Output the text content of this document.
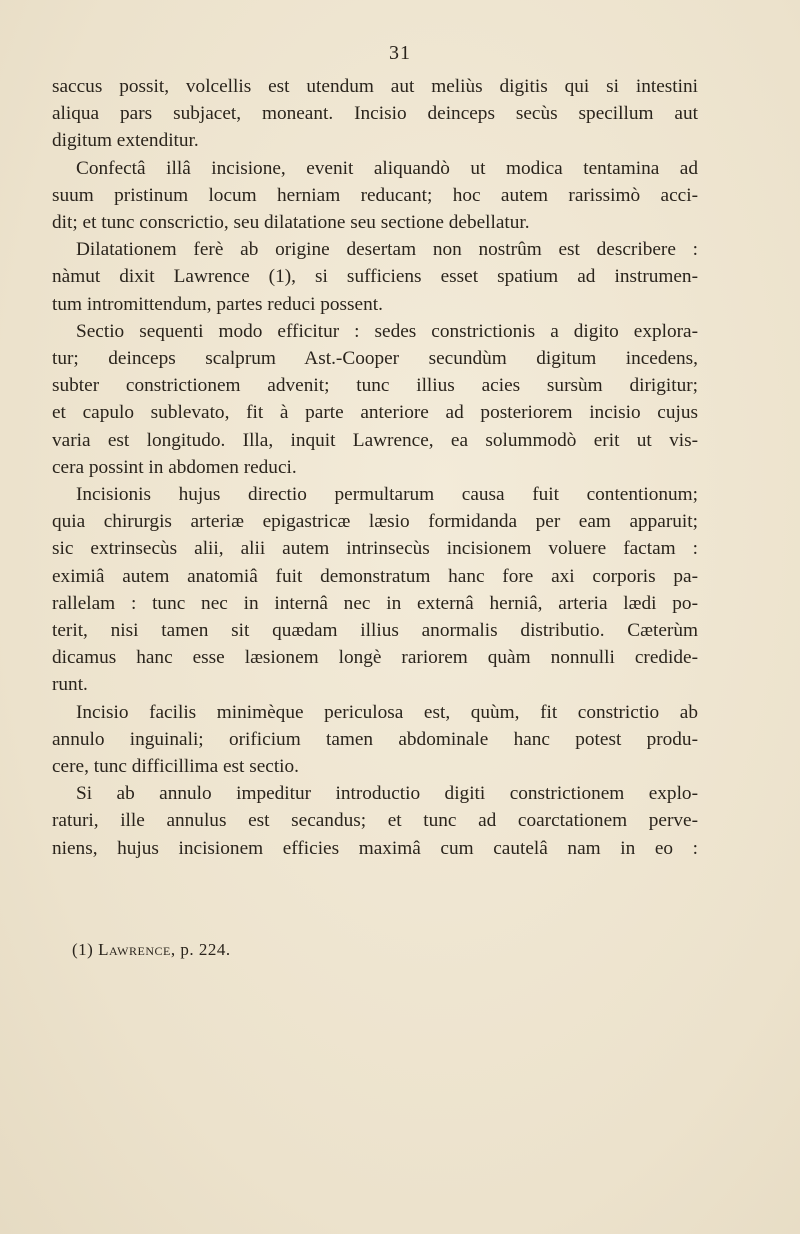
31

saccus possit, volcellis est utendum aut meliùs digitis qui si intestini
aliqua pars subjacet, moneant. Incisio deinceps secùs specillum aut
digitum extenditur.

Confectâ illâ incisione, evenit aliquandò ut modica tentamina ad
suum pristinum locum herniam reducant; hoc autem rarissimò acci-
dit; et tunc conscrictio, seu dilatatione seu sectione debellatur.

Dilatationem ferè ab origine desertam non nostrûm est describere :
nàmut dixit Lawrence (1), si sufficiens esset spatium ad instrumen-
tum intromittendum, partes reduci possent.

Sectio sequenti modo efficitur : sedes constrictionis a digito explora-
tur; deinceps scalprum Ast.-Cooper secundùm digitum incedens,
subter constrictionem advenit; tunc illius acies sursùm dirigitur;
et capulo sublevato, fit à parte anteriore ad posteriorem incisio cujus
varia est longitudo. Illa, inquit Lawrence, ea solummodò erit ut vis-
cera possint in abdomen reduci.

Incisionis hujus directio permultarum causa fuit contentionum;
quia chirurgis arteriæ epigastricæ læsio formidanda per eam apparuit;
sic extrinsecùs alii, alii autem intrinsecùs incisionem voluere factam :
eximiâ autem anatomiâ fuit demonstratum hanc fore axi corporis pa-
rallelam : tunc nec in internâ nec in externâ herniâ, arteria lædi po-
terit, nisi tamen sit quædam illius anormalis distributio. Cæterùm
dicamus hanc esse læsionem longè rariorem quàm nonnulli credide-
runt.

Incisio facilis minimèque periculosa est, quùm, fit constrictio ab
annulo inguinali; orificium tamen abdominale hanc potest produ-
cere, tunc difficillima est sectio.

Si ab annulo impeditur introductio digiti constrictionem explo-
raturi, ille annulus est secandus; et tunc ad coarctationem perve-
niens, hujus incisionem efficies maximâ cum cautelâ nam in eo :

(1) Lawrence, p. 224.
